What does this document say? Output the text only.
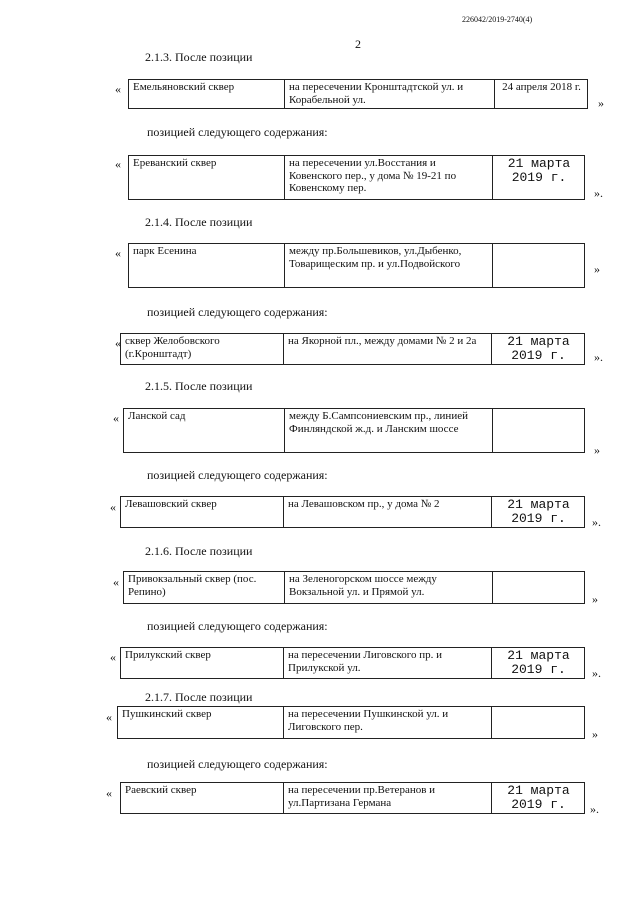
226042/2019-2740(4)
2
2.1.3. После позиции
« Емельяновский сквер	на пересечении Кронштадтской ул. и Корабельной ул.	24 апреля 2018 г.
»
позицией следующего содержания:
« Ереванский сквер	на пересечении ул.Восстания и Ковенского пер., у дома № 19-21 по Ковенскому пер.	21 марта 2019 г.
».
2.1.4. После позиции
« парк Есенина	между пр.Большевиков, ул.Дыбенко, Товарищеским пр. и ул.Подвойского		»
позицией следующего содержания:
« сквер Желобовского (г.Кронштадт)	на Якорной пл., между домами № 2 и 2а	21 марта 2019 г. ».
2.1.5. После позиции
« Ланской сад	между Б.Сампсониевским пр., линией Финляндской ж.д. и Ланским шоссе	
»
позицией следующего содержания:
« Левашовский сквер	на Левашовском пр., у дома № 2	21 марта 2019 г. ».
2.1.6. После позиции
« Привокзальный сквер (пос. Репино)	на Зеленогорском шоссе между Вокзальной ул. и Прямой ул.	
»
позицией следующего содержания:
« Прилукский сквер	на пересечении Лиговского пр. и Прилукской ул.	21 марта 2019 г. ».
2.1.7. После позиции
« Пушкинский сквер	на пересечении Пушкинской ул. и Лиговского пер.	
»
позицией следующего содержания:
« Раевский сквер	на пересечении пр.Ветеранов и ул.Партизана Германа	21 марта 2019 г. ».
